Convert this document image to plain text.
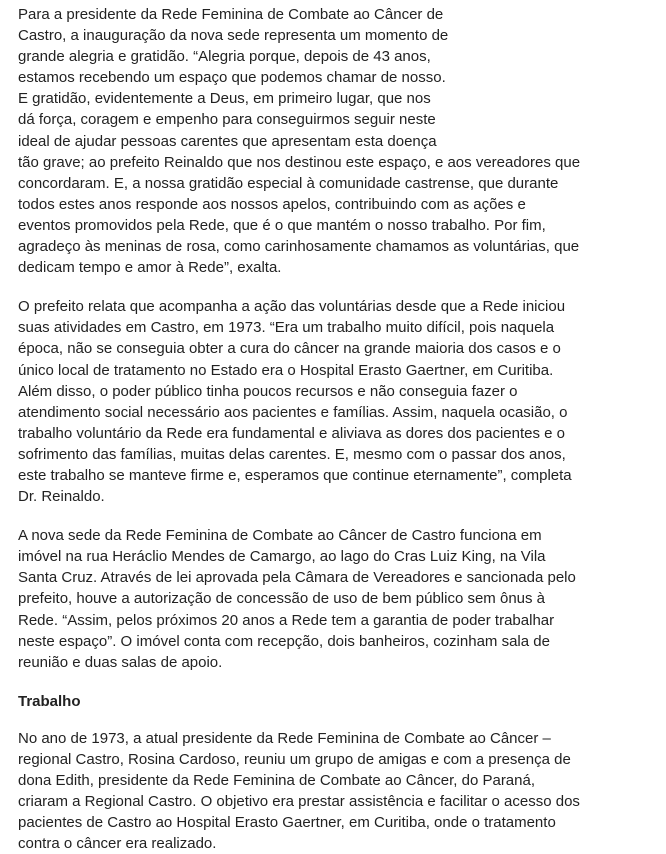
Para a presidente da Rede Feminina de Combate ao Câncer de
Castro, a inauguração da nova sede representa um momento de
grande alegria e gratidão. “Alegria porque, depois de 43 anos,
estamos recebendo um espaço que podemos chamar de nosso.
E gratidão, evidentemente a Deus, em primeiro lugar, que nos
dá força, coragem e empenho para conseguirmos seguir neste
ideal de ajudar pessoas carentes que apresentam esta doença
tão grave; ao prefeito Reinaldo que nos destinou este espaço, e aos vereadores que
concordaram. E, a nossa gratidão especial à comunidade castrense, que durante
todos estes anos responde aos nossos apelos, contribuindo com as ações e
eventos promovidos pela Rede, que é o que mantém o nosso trabalho. Por fim,
agradeço às meninas de rosa, como carinhosamente chamamos as voluntárias, que
dedicam tempo e amor à Rede”, exalta.

O prefeito relata que acompanha a ação das voluntárias desde que a Rede iniciou
suas atividades em Castro, em 1973. “Era um trabalho muito difícil, pois naquela
época, não se conseguia obter a cura do câncer na grande maioria dos casos e o
único local de tratamento no Estado era o Hospital Erasto Gaertner, em Curitiba.
Além disso, o poder público tinha poucos recursos e não conseguia fazer o
atendimento social necessário aos pacientes e famílias. Assim, naquela ocasião, o
trabalho voluntário da Rede era fundamental e aliviava as dores dos pacientes e o
sofrimento das famílias, muitas delas carentes. E, mesmo com o passar dos anos,
este trabalho se manteve firme e, esperamos que continue eternamente”, completa
Dr. Reinaldo.

A nova sede da Rede Feminina de Combate ao Câncer de Castro funciona em
imóvel na rua Heráclio Mendes de Camargo, ao lago do Cras Luiz King, na Vila
Santa Cruz. Através de lei aprovada pela Câmara de Vereadores e sancionada pelo
prefeito, houve a autorização de concessão de uso de bem público sem ônus à
Rede. “Assim, pelos próximos 20 anos a Rede tem a garantia de poder trabalhar
neste espaço”. O imóvel conta com recepção, dois banheiros, cozinham sala de
reunião e duas salas de apoio.

Trabalho

No ano de 1973, a atual presidente da Rede Feminina de Combate ao Câncer –
regional Castro, Rosina Cardoso, reuniu um grupo de amigas e com a presença de
dona Edith, presidente da Rede Feminina de Combate ao Câncer, do Paraná,
criaram a Regional Castro. O objetivo era prestar assistência e facilitar o acesso dos
pacientes de Castro ao Hospital Erasto Gaertner, em Curitiba, onde o tratamento
contra o câncer era realizado.
